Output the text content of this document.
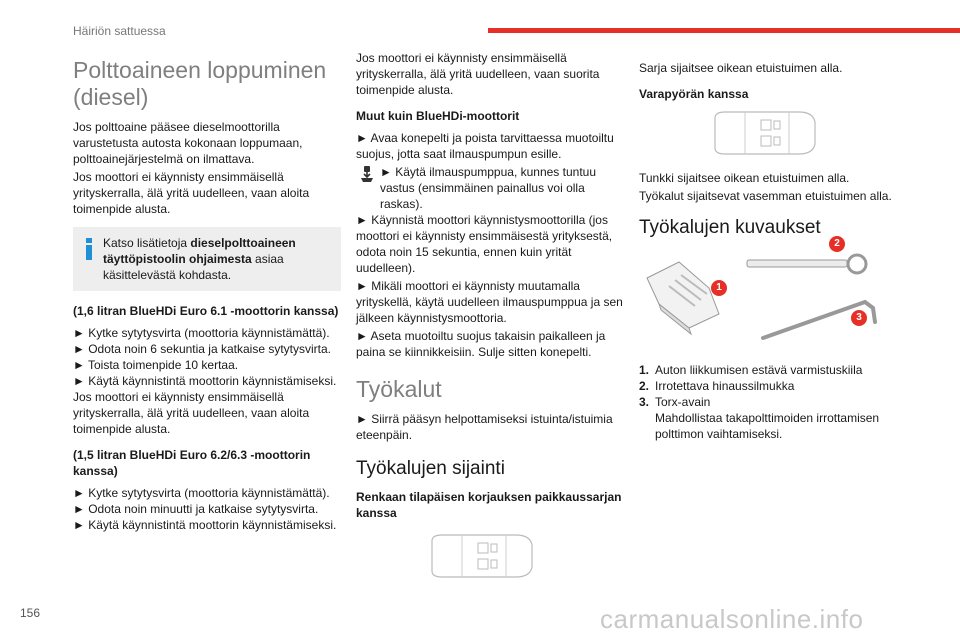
Häiriön sattuessa
Polttoaineen loppuminen (diesel)
Jos polttoaine pääsee dieselmoottorilla varustetusta autosta kokonaan loppumaan, polttoainejärjestelmä on ilmattava.
Jos moottori ei käynnisty ensimmäisellä yrityskerralla, älä yritä uudelleen, vaan aloita toimenpide alusta.
Katso lisätietoja dieselpolttoaineen täyttöpistoolin ohjaimesta asiaa käsittelevästä kohdasta.
(1,6 litran BlueHDi Euro 6.1 -moottorin kanssa)
► Kytke sytytysvirta (moottoria käynnistämättä).
► Odota noin 6 sekuntia ja katkaise sytytysvirta.
► Toista toimenpide 10 kertaa.
► Käytä käynnistintä moottorin käynnistämiseksi.
Jos moottori ei käynnisty ensimmäisellä yrityskerralla, älä yritä uudelleen, vaan aloita toimenpide alusta.
(1,5 litran BlueHDi Euro 6.2/6.3 -moottorin kanssa)
► Kytke sytytysvirta (moottoria käynnistämättä).
► Odota noin minuutti ja katkaise sytytysvirta.
► Käytä käynnistintä moottorin käynnistämiseksi.
Jos moottori ei käynnisty ensimmäisellä yrityskerralla, älä yritä uudelleen, vaan suorita toimenpide alusta.
Muut kuin BlueHDi-moottorit
► Avaa konepelti ja poista tarvittaessa muotoiltu suojus, jotta saat ilmauspumpun esille.
► Käytä ilmauspumppua, kunnes tuntuu vastus (ensimmäinen painallus voi olla raskas).
► Käynnistä moottori käynnistysmoottorilla (jos moottori ei käynnisty ensimmäisestä yrityksestä, odota noin 15 sekuntia, ennen kuin yrität uudelleen).
► Mikäli moottori ei käynnisty muutamalla yrityskellä, käytä uudelleen ilmauspumppua ja sen jälkeen käynnistysmoottoria.
► Aseta muotoiltu suojus takaisin paikalleen ja paina se kiinnikkeisiin. Sulje sitten konepelti.
Työkalut
► Siirrä pääsyn helpottamiseksi istuinta/istuimia eteenpäin.
Työkalujen sijainti
Renkaan tilapäisen korjauksen paikkaussarjan kanssa
Sarja sijaitsee oikean etuistuimen alla.
Varapyörän kanssa
Tunkki sijaitsee oikean etuistuimen alla.
Työkalut sijaitsevat vasemman etuistuimen alla.
Työkalujen kuvaukset
1
2
3
1. Auton liikkumisen estävä varmistuskiila
2. Irrotettava hinaussilmukka
3. Torx-avain
Mahdollistaa takapolttimoiden irrottamisen polttimon vaihtamiseksi.
156	carmanualsonline.info
